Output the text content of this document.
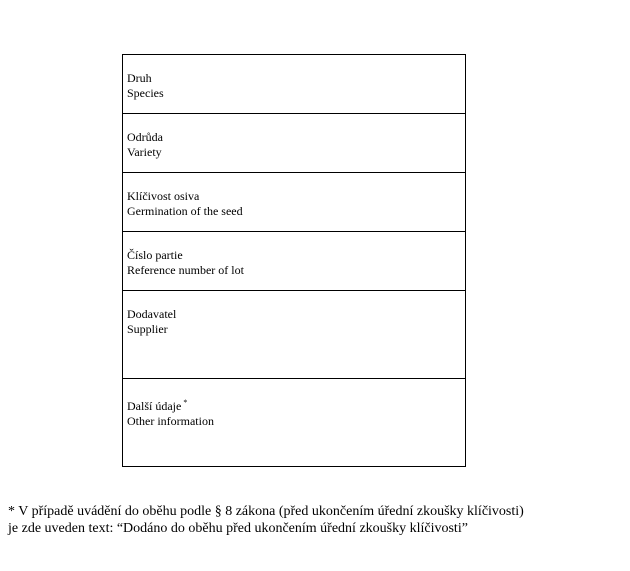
Druh
Species
Odrůda
Variety
Klíčivost osiva
Germination of the seed
Číslo partie
Reference number of lot
Dodavatel
Supplier
Další údaje *
Other information
* V případě uvádění do oběhu podle § 8 zákona (před ukončením úřední zkoušky klíčivosti)
je zde uveden text: “Dodáno do oběhu před ukončením úřední zkoušky klíčivosti”
